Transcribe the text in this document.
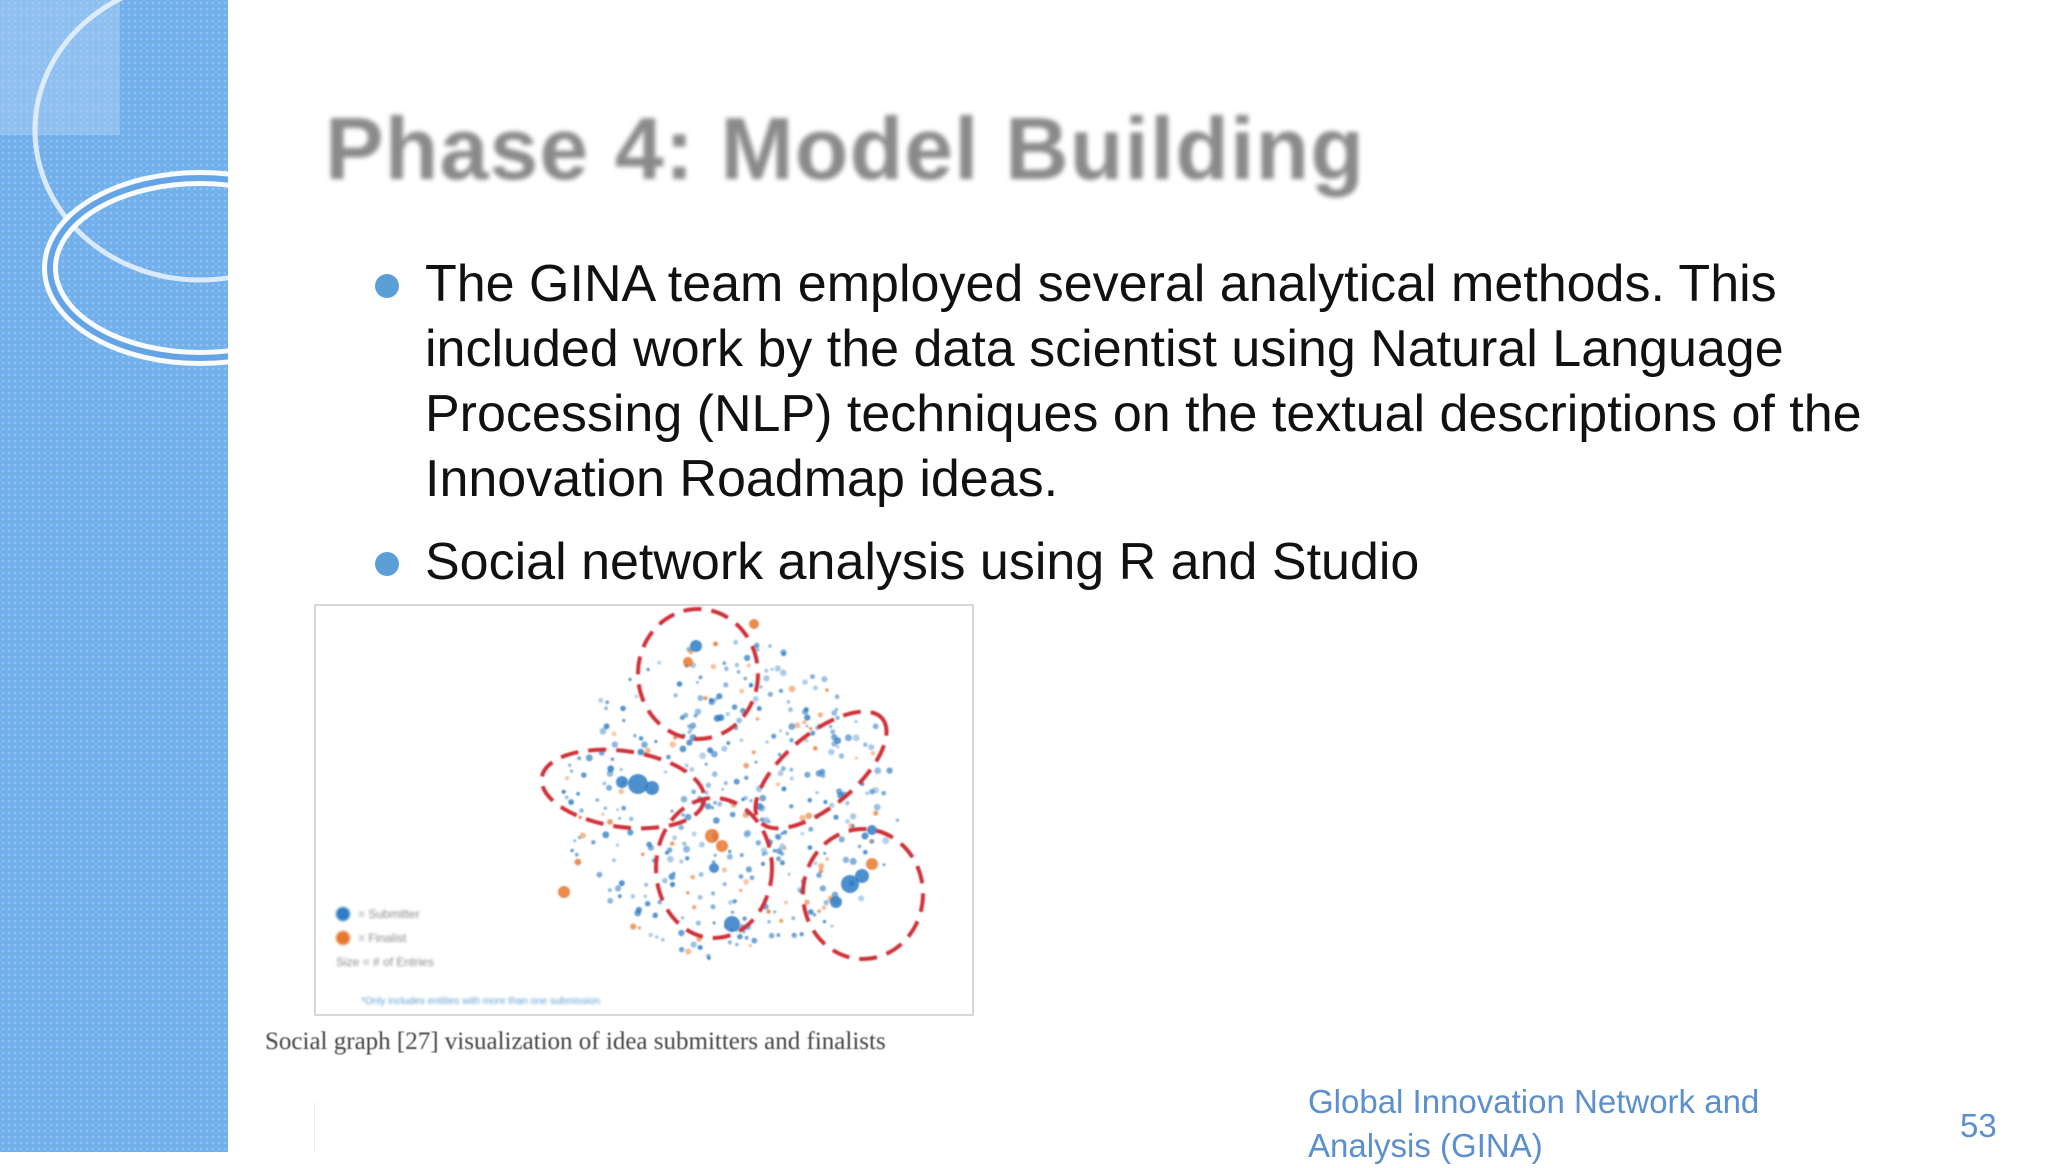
Phase 4: Model Building
The GINA team employed several analytical methods. This included work by the data scientist using Natural Language Processing (NLP) techniques on the textual descriptions of the Innovation Roadmap ideas.
Social network analysis using R and Studio
= Submitter
= Finalist
Size = # of Entries
*Only includes entities with more than one submission

Social graph [27] visualization of idea submitters and finalists

Global Innovation Network and Analysis (GINA)
53
